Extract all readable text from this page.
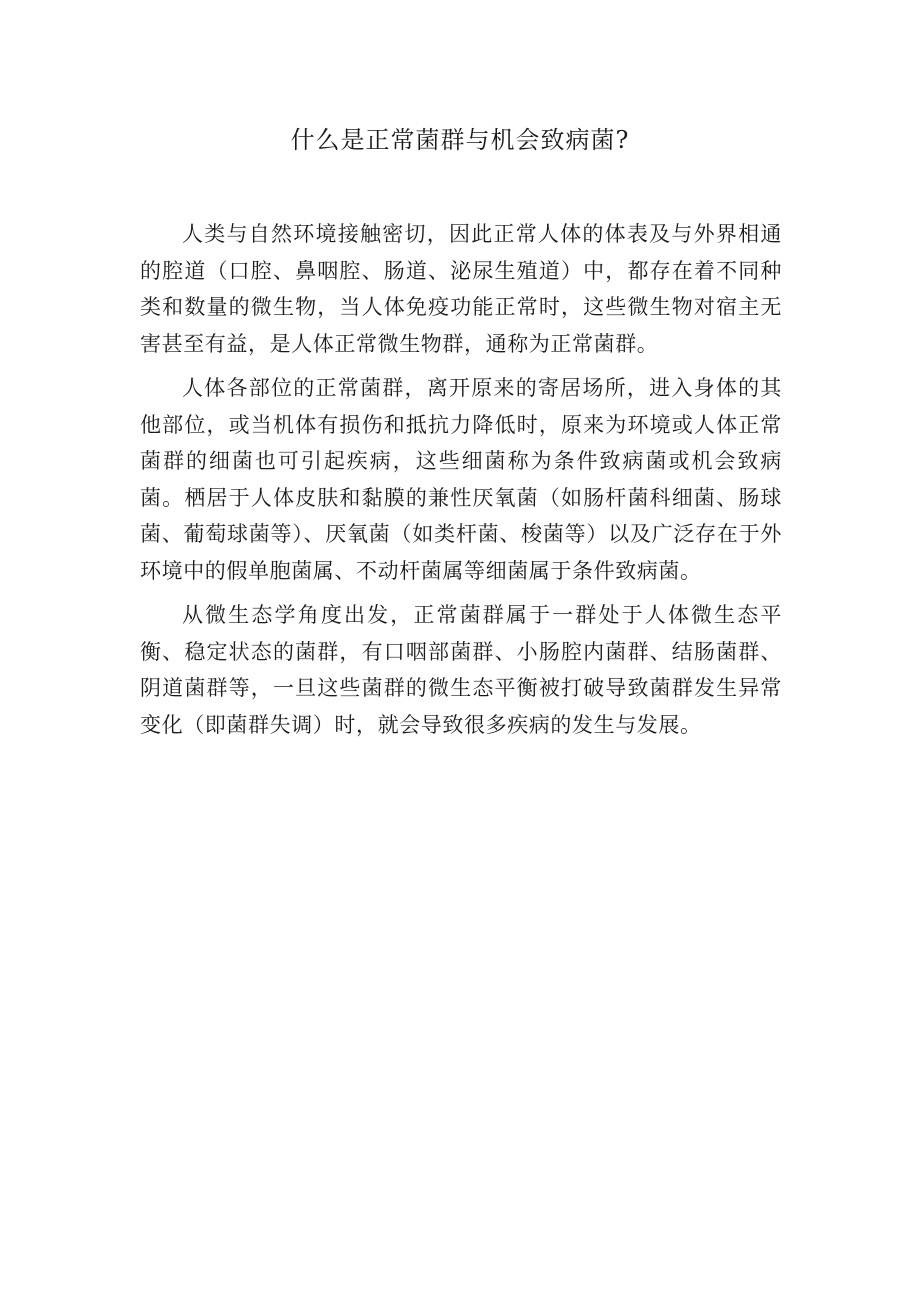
什么是正常菌群与机会致病菌?

人类与自然环境接触密切，因此正常人体的体表及与外界相通的腔道（口腔、鼻咽腔、肠道、泌尿生殖道）中，都存在着不同种类和数量的微生物，当人体免疫功能正常时，这些微生物对宿主无害甚至有益，是人体正常微生物群，通称为正常菌群。

人体各部位的正常菌群，离开原来的寄居场所，进入身体的其他部位，或当机体有损伤和抵抗力降低时，原来为环境或人体正常菌群的细菌也可引起疾病，这些细菌称为条件致病菌或机会致病菌。栖居于人体皮肤和黏膜的兼性厌氧菌（如肠杆菌科细菌、肠球菌、葡萄球菌等）、厌氧菌（如类杆菌、梭菌等）以及广泛存在于外环境中的假单胞菌属、不动杆菌属等细菌属于条件致病菌。

从微生态学角度出发，正常菌群属于一群处于人体微生态平衡、稳定状态的菌群，有口咽部菌群、小肠腔内菌群、结肠菌群、阴道菌群等，一旦这些菌群的微生态平衡被打破导致菌群发生异常变化（即菌群失调）时，就会导致很多疾病的发生与发展。
